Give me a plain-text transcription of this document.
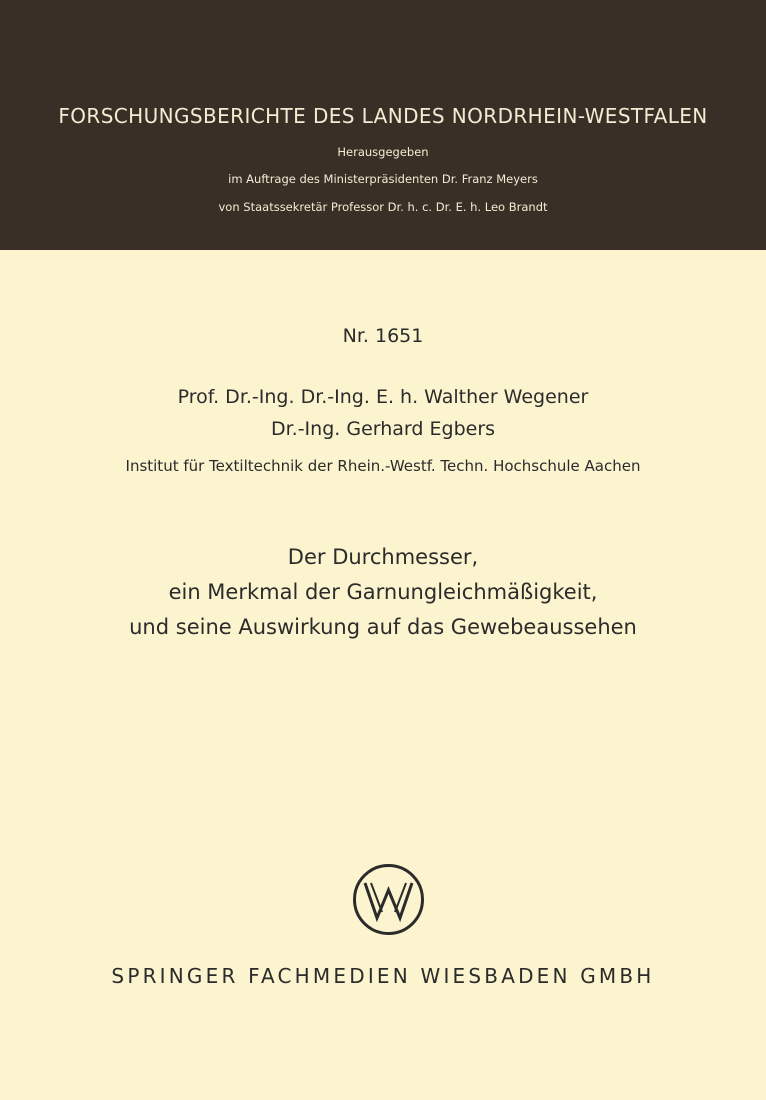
FORSCHUNGSBERICHTE DES LANDES NORDRHEIN-WESTFALEN
Herausgegeben
im Auftrage des Ministerpräsidenten Dr. Franz Meyers
von Staatssekretär Professor Dr. h. c. Dr. E. h. Leo Brandt
Nr. 1651
Prof. Dr.-Ing. Dr.-Ing. E. h. Walther Wegener
Dr.-Ing. Gerhard Egbers
Institut für Textiltechnik der Rhein.-Westf. Techn. Hochschule Aachen
Der Durchmesser,
ein Merkmal der Garnungleichmäßigkeit,
und seine Auswirkung auf das Gewebeaussehen
SPRINGER FACHMEDIEN WIESBADEN GMBH
